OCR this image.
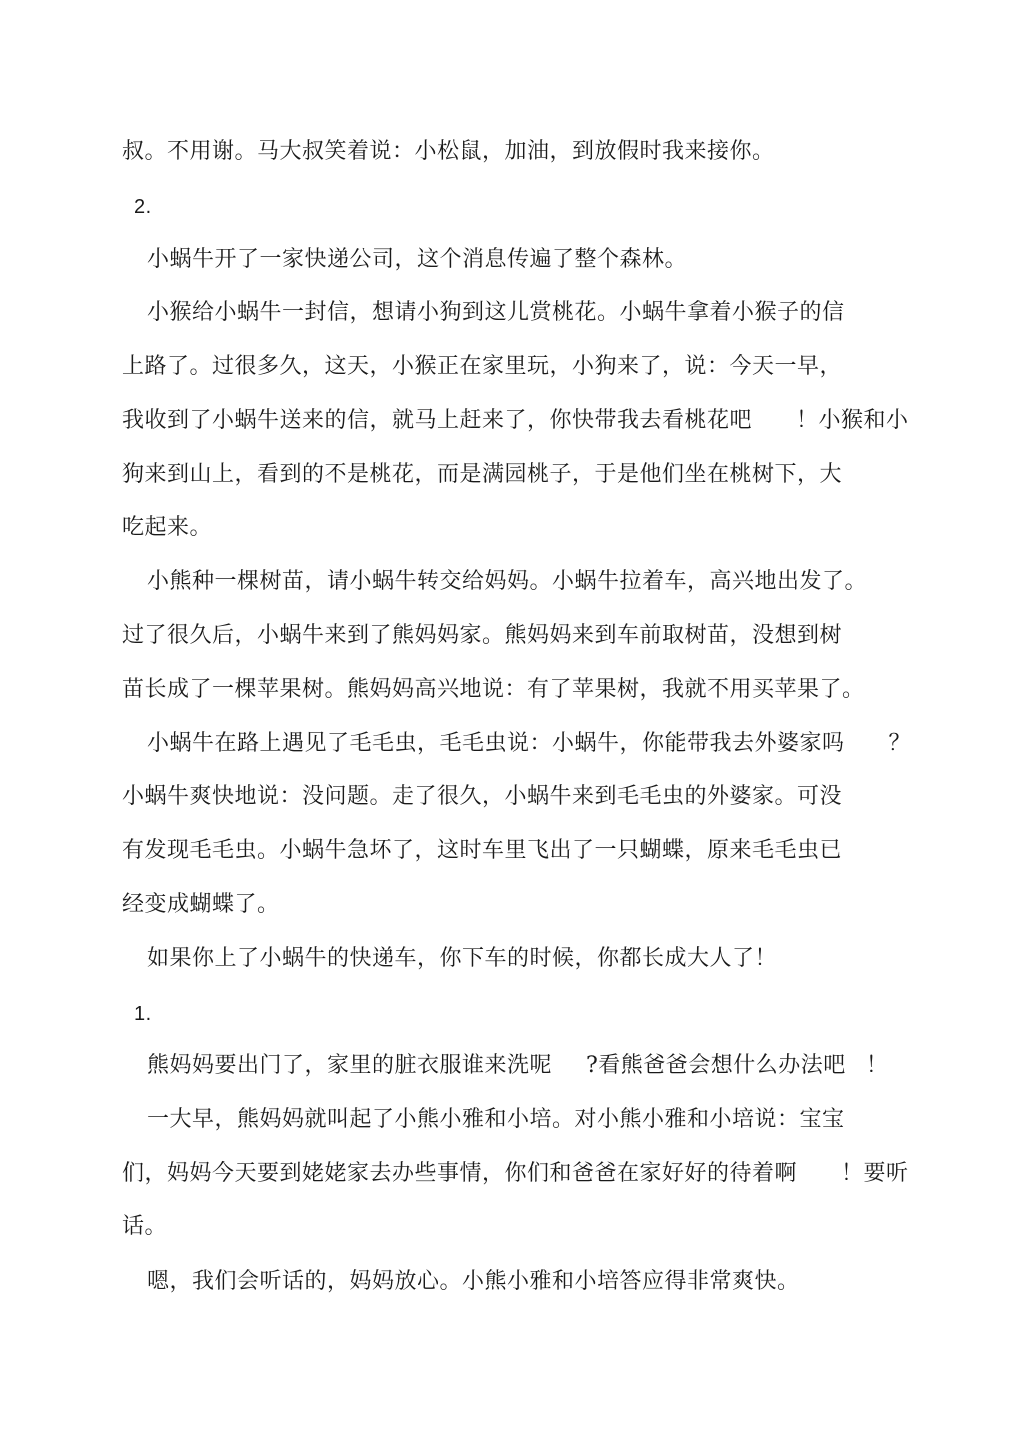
叔。不用谢。马大叔笑着说：小松鼠，加油，到放假时我来接你。
2.
小蜗牛开了一家快递公司，这个消息传遍了整个森林。
小猴给小蜗牛一封信，想请小狗到这儿赏桃花。小蜗牛拿着小猴子的信
上路了。过很多久，这天，小猴正在家里玩，小狗来了，说：今天一早，
我收到了小蜗牛送来的信，就马上赶来了，你快带我去看桃花吧 ！小猴和小
狗来到山上，看到的不是桃花，而是满园桃子，于是他们坐在桃树下，大
吃起来。
小熊种一棵树苗，请小蜗牛转交给妈妈。小蜗牛拉着车，高兴地出发了。
过了很久后，小蜗牛来到了熊妈妈家。熊妈妈来到车前取树苗，没想到树
苗长成了一棵苹果树。熊妈妈高兴地说：有了苹果树，我就不用买苹果了。
小蜗牛在路上遇见了毛毛虫，毛毛虫说：小蜗牛，你能带我去外婆家吗 ？
小蜗牛爽快地说：没问题。走了很久，小蜗牛来到毛毛虫的外婆家。可没
有发现毛毛虫。小蜗牛急坏了，这时车里飞出了一只蝴蝶，原来毛毛虫已
经变成蝴蝶了。
如果你上了小蜗牛的快递车，你下车的时候，你都长成大人了！
1.
熊妈妈要出门了，家里的脏衣服谁来洗呢 ?看熊爸爸会想什么办法吧 ！
一大早，熊妈妈就叫起了小熊小雅和小培。对小熊小雅和小培说：宝宝
们，妈妈今天要到姥姥家去办些事情，你们和爸爸在家好好的待着啊 ！要听
话。
嗯，我们会听话的，妈妈放心。小熊小雅和小培答应得非常爽快。
